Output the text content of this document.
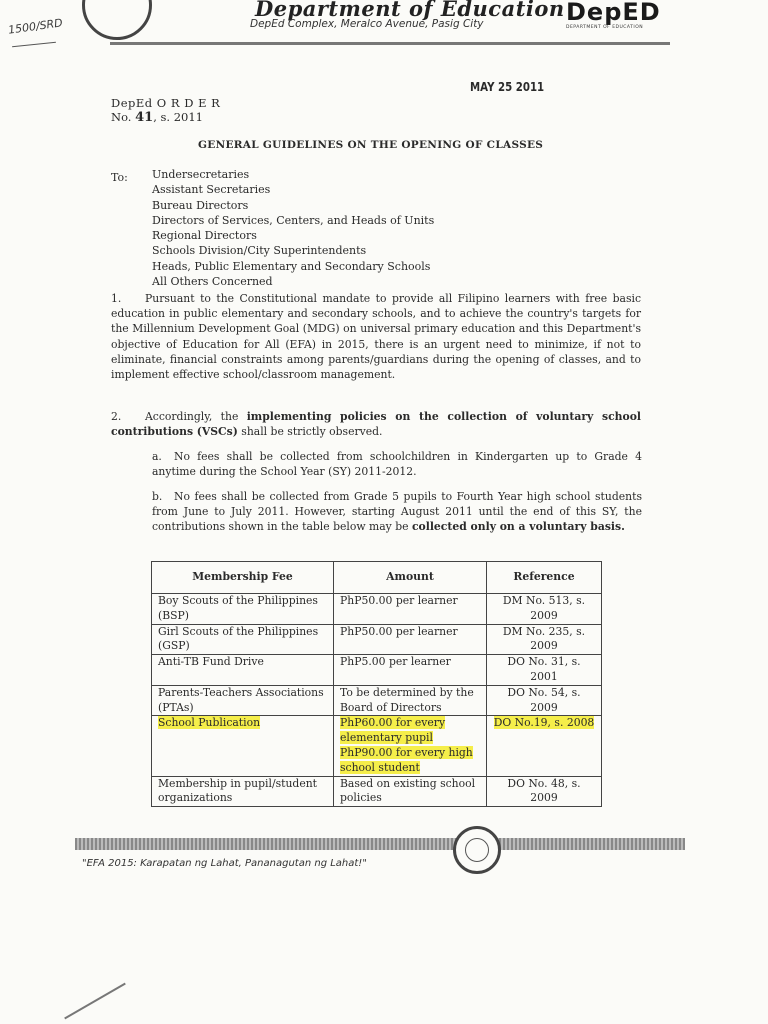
1500/SRD
Department of Education
DepEd Complex, Meralco Avenue, Pasig City	DepED
DEPARTMENT OF EDUCATION
MAY 25 2011
DepEd O R D E R
No. 41, s. 2011
GENERAL GUIDELINES ON THE OPENING OF CLASSES
To: Undersecretaries
Assistant Secretaries
Bureau Directors
Directors of Services, Centers, and Heads of Units
Regional Directors
Schools Division/City Superintendents
Heads, Public Elementary and Secondary Schools
All Others Concerned
1. Pursuant to the Constitutional mandate to provide all Filipino learners with free basic education in public elementary and secondary schools, and to achieve the country's targets for the Millennium Development Goal (MDG) on universal primary education and this Department's objective of Education for All (EFA) in 2015, there is an urgent need to minimize, if not to eliminate, financial constraints among parents/guardians during the opening of classes, and to implement effective school/classroom management.
2. Accordingly, the implementing policies on the collection of voluntary school contributions (VSCs) shall be strictly observed.
a. No fees shall be collected from schoolchildren in Kindergarten up to Grade 4 anytime during the School Year (SY) 2011-2012.
b. No fees shall be collected from Grade 5 pupils to Fourth Year high school students from June to July 2011. However, starting August 2011 until the end of this SY, the contributions shown in the table below may be collected only on a voluntary basis.
Membership Fee	Amount	Reference
Boy Scouts of the Philippines (BSP)	PhP50.00 per learner	DM No. 513, s. 2009
Girl Scouts of the Philippines (GSP)	PhP50.00 per learner	DM No. 235, s. 2009
Anti-TB Fund Drive	PhP5.00 per learner	DO No. 31, s. 2001
Parents-Teachers Associations (PTAs)	To be determined by the Board of Directors	DO No. 54, s. 2009
School Publication	PhP60.00 for every elementary pupil PhP90.00 for every high school student	DO No.19, s. 2008
Membership in pupil/student organizations	Based on existing school policies	DO No. 48, s. 2009
"EFA 2015: Karapatan ng Lahat, Pananagutan ng Lahat!"
